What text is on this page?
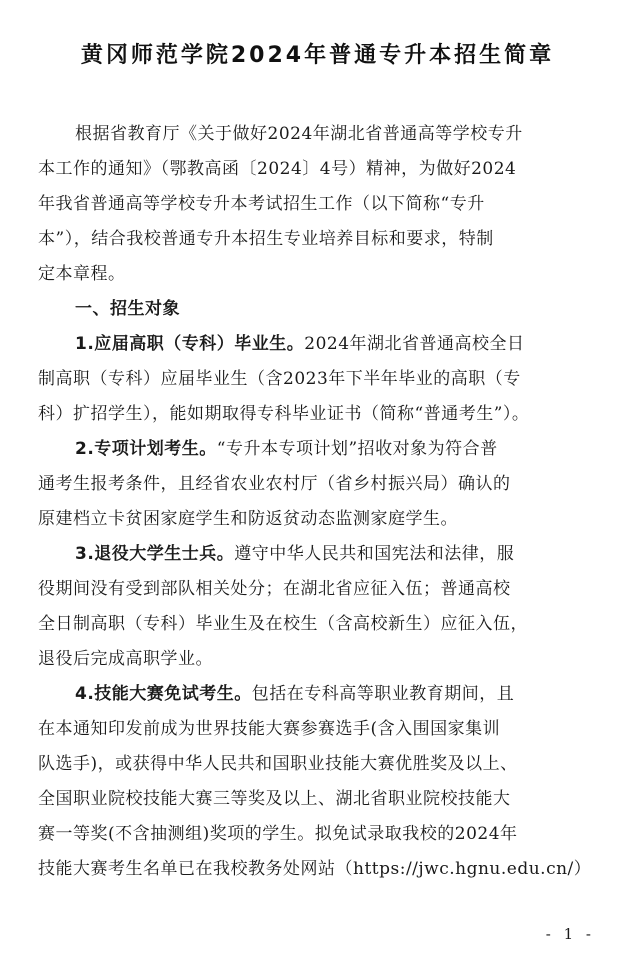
黄冈师范学院2024年普通专升本招生简章
根据省教育厅《关于做好2024年湖北省普通高等学校专升
本工作的通知》（鄂教高函〔2024〕4号）精神，为做好2024
年我省普通高等学校专升本考试招生工作（以下简称“专升
本”），结合我校普通专升本招生专业培养目标和要求，特制
定本章程。
一、招生对象
1.应届高职（专科）毕业生。2024年湖北省普通高校全日
制高职（专科）应届毕业生（含2023年下半年毕业的高职（专
科）扩招学生），能如期取得专科毕业证书（简称“普通考生”）。
2.专项计划考生。“专升本专项计划”招收对象为符合普
通考生报考条件，且经省农业农村厅（省乡村振兴局）确认的
原建档立卡贫困家庭学生和防返贫动态监测家庭学生。
3.退役大学生士兵。遵守中华人民共和国宪法和法律，服
役期间没有受到部队相关处分；在湖北省应征入伍；普通高校
全日制高职（专科）毕业生及在校生（含高校新生）应征入伍，
退役后完成高职学业。
4.技能大赛免试考生。包括在专科高等职业教育期间，且
在本通知印发前成为世界技能大赛参赛选手(含入围国家集训
队选手)，或获得中华人民共和国职业技能大赛优胜奖及以上、
全国职业院校技能大赛三等奖及以上、湖北省职业院校技能大
赛一等奖(不含抽测组)奖项的学生。拟免试录取我校的2024年
技能大赛考生名单已在我校教务处网站（https://jwc.hgnu.edu.cn/）
- 1 -
